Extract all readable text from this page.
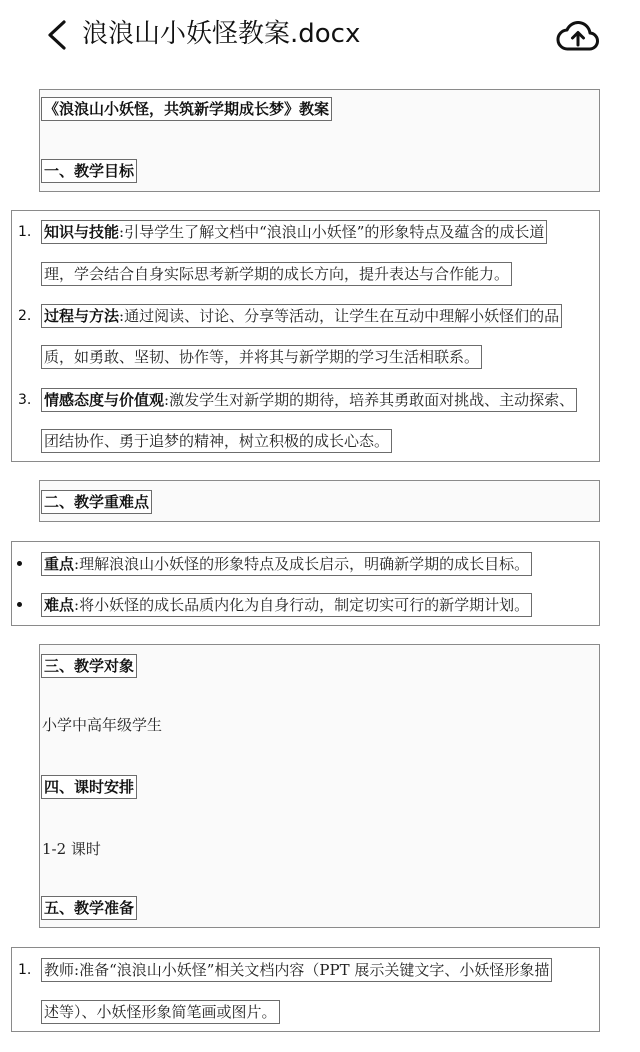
浪浪山小妖怪教案.docx
《浪浪山小妖怪，共筑新学期成长梦》教案
一、教学目标
1. 知识与技能:引导学生了解文档中“浪浪山小妖怪”的形象特点及蕴含的成长道
理，学会结合自身实际思考新学期的成长方向，提升表达与合作能力。
2. 过程与方法:通过阅读、讨论、分享等活动，让学生在互动中理解小妖怪们的品
质，如勇敢、坚韧、协作等，并将其与新学期的学习生活相联系。
3. 情感态度与价值观:激发学生对新学期的期待，培养其勇敢面对挑战、主动探索、
团结协作、勇于追梦的精神，树立积极的成长心态。
二、教学重难点
重点:理解浪浪山小妖怪的形象特点及成长启示，明确新学期的成长目标。
难点:将小妖怪的成长品质内化为自身行动，制定切实可行的新学期计划。
三、教学对象
小学中高年级学生
四、课时安排
1-2 课时
五、教学准备
1. 教师:准备“浪浪山小妖怪”相关文档内容（PPT 展示关键文字、小妖怪形象描
述等）、小妖怪形象简笔画或图片。
